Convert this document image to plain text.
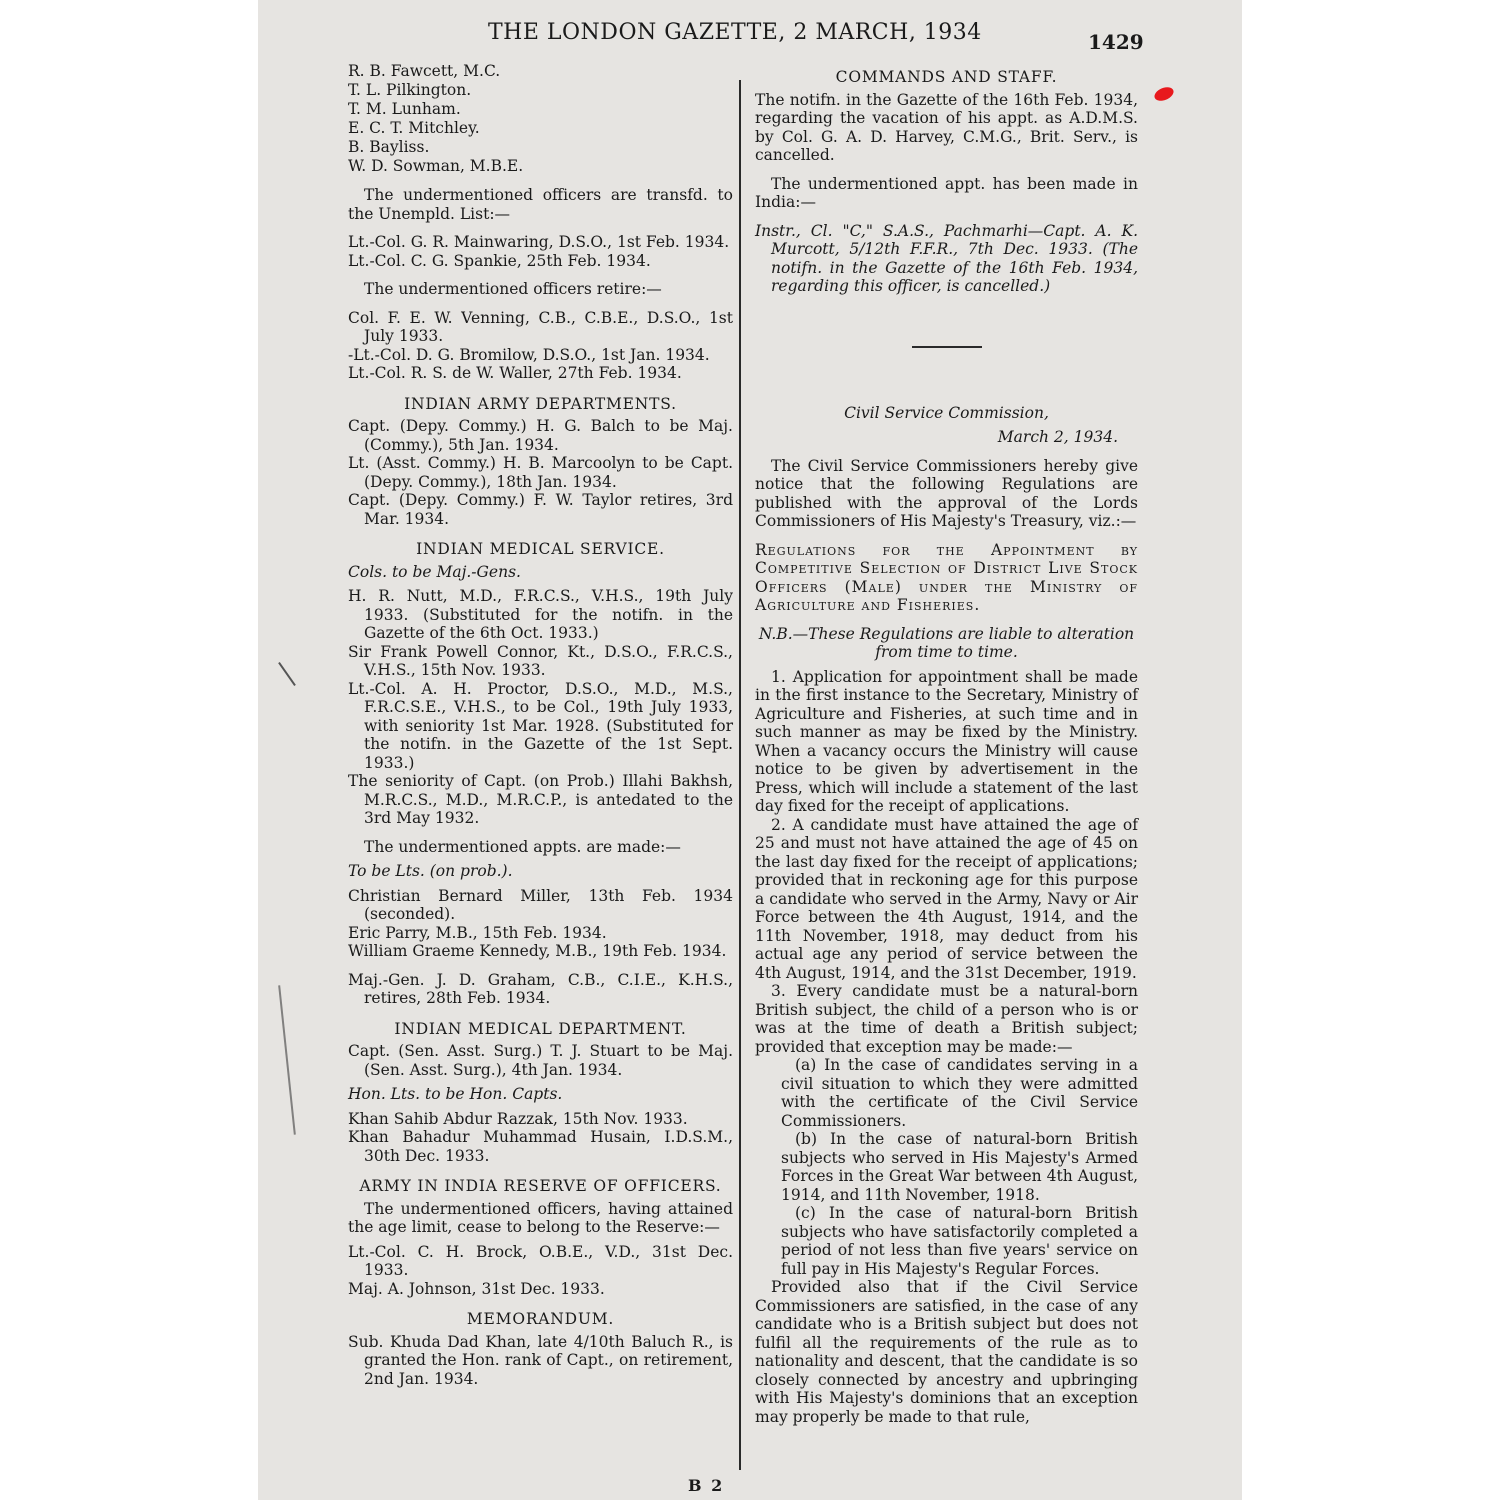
THE LONDON GAZETTE, 2 MARCH, 1934	1429

R. B. Fawcett, M.C.

T. L. Pilkington.

T. M. Lunham.

E. C. T. Mitchley.

B. Bayliss.

W. D. Sowman, M.B.E.

The undermentioned officers are transfd. to the Unempld. List:—

Lt.-Col. G. R. Mainwaring, D.S.O., 1st Feb. 1934.

Lt.-Col. C. G. Spankie, 25th Feb. 1934.

The undermentioned officers retire:—

Col. F. E. W. Venning, C.B., C.B.E., D.S.O., 1st July 1933.

-Lt.-Col. D. G. Bromilow, D.S.O., 1st Jan. 1934.

Lt.-Col. R. S. de W. Waller, 27th Feb. 1934.

INDIAN ARMY DEPARTMENTS.

Capt. (Depy. Commy.) H. G. Balch to be Maj. (Commy.), 5th Jan. 1934.

Lt. (Asst. Commy.) H. B. Marcoolyn to be Capt. (Depy. Commy.), 18th Jan. 1934.

Capt. (Depy. Commy.) F. W. Taylor retires, 3rd Mar. 1934.

INDIAN MEDICAL SERVICE.

Cols. to be Maj.-Gens.

H. R. Nutt, M.D., F.R.C.S., V.H.S., 19th July 1933. (Substituted for the notifn. in the Gazette of the 6th Oct. 1933.)

Sir Frank Powell Connor, Kt., D.S.O., F.R.C.S., V.H.S., 15th Nov. 1933.

Lt.-Col. A. H. Proctor, D.S.O., M.D., M.S., F.R.C.S.E., V.H.S., to be Col., 19th July 1933, with seniority 1st Mar. 1928. (Substituted for the notifn. in the Gazette of the 1st Sept. 1933.)

The seniority of Capt. (on Prob.) Illahi Bakhsh, M.R.C.S., M.D., M.R.C.P., is antedated to the 3rd May 1932.

The undermentioned appts. are made:—

To be Lts. (on prob.).

Christian Bernard Miller, 13th Feb. 1934 (seconded).

Eric Parry, M.B., 15th Feb. 1934.

William Graeme Kennedy, M.B., 19th Feb. 1934.

Maj.-Gen. J. D. Graham, C.B., C.I.E., K.H.S., retires, 28th Feb. 1934.

INDIAN MEDICAL DEPARTMENT.

Capt. (Sen. Asst. Surg.) T. J. Stuart to be Maj. (Sen. Asst. Surg.), 4th Jan. 1934.

Hon. Lts. to be Hon. Capts.

Khan Sahib Abdur Razzak, 15th Nov. 1933.

Khan Bahadur Muhammad Husain, I.D.S.M., 30th Dec. 1933.

ARMY IN INDIA RESERVE OF OFFICERS.

The undermentioned officers, having attained the age limit, cease to belong to the Reserve:—

Lt.-Col. C. H. Brock, O.B.E., V.D., 31st Dec. 1933.

Maj. A. Johnson, 31st Dec. 1933.

MEMORANDUM.

Sub. Khuda Dad Khan, late 4/10th Baluch R., is granted the Hon. rank of Capt., on retirement, 2nd Jan. 1934.

COMMANDS AND STAFF.

The notifn. in the Gazette of the 16th Feb. 1934, regarding the vacation of his appt. as A.D.M.S. by Col. G. A. D. Harvey, C.M.G., Brit. Serv., is cancelled.

The undermentioned appt. has been made in India:—

Instr., Cl. "C," S.A.S., Pachmarhi—Capt. A. K. Murcott, 5/12th F.F.R., 7th Dec. 1933. (The notifn. in the Gazette of the 16th Feb. 1934, regarding this officer, is cancelled.)

Civil Service Commission,

March 2, 1934.

The Civil Service Commissioners hereby give notice that the following Regulations are published with the approval of the Lords Commissioners of His Majesty's Treasury, viz.:—

Regulations for the Appointment by Competitive Selection of District Live Stock Officers (Male) under the Ministry of Agriculture and Fisheries.

N.B.—These Regulations are liable to alteration from time to time.

1. Application for appointment shall be made in the first instance to the Secretary, Ministry of Agriculture and Fisheries, at such time and in such manner as may be fixed by the Ministry. When a vacancy occurs the Ministry will cause notice to be given by advertisement in the Press, which will include a statement of the last day fixed for the receipt of applications.

2. A candidate must have attained the age of 25 and must not have attained the age of 45 on the last day fixed for the receipt of applications; provided that in reckoning age for this purpose a candidate who served in the Army, Navy or Air Force between the 4th August, 1914, and the 11th November, 1918, may deduct from his actual age any period of service between the 4th August, 1914, and the 31st December, 1919.

3. Every candidate must be a natural-born British subject, the child of a person who is or was at the time of death a British subject; provided that exception may be made:—

(a) In the case of candidates serving in a civil situation to which they were admitted with the certificate of the Civil Service Commissioners.

(b) In the case of natural-born British subjects who served in His Majesty's Armed Forces in the Great War between 4th August, 1914, and 11th November, 1918.

(c) In the case of natural-born British subjects who have satisfactorily completed a period of not less than five years' service on full pay in His Majesty's Regular Forces.

Provided also that if the Civil Service Commissioners are satisfied, in the case of any candidate who is a British subject but does not fulfil all the requirements of the rule as to nationality and descent, that the candidate is so closely connected by ancestry and upbringing with His Majesty's dominions that an exception may properly be made to that rule,

B 2
